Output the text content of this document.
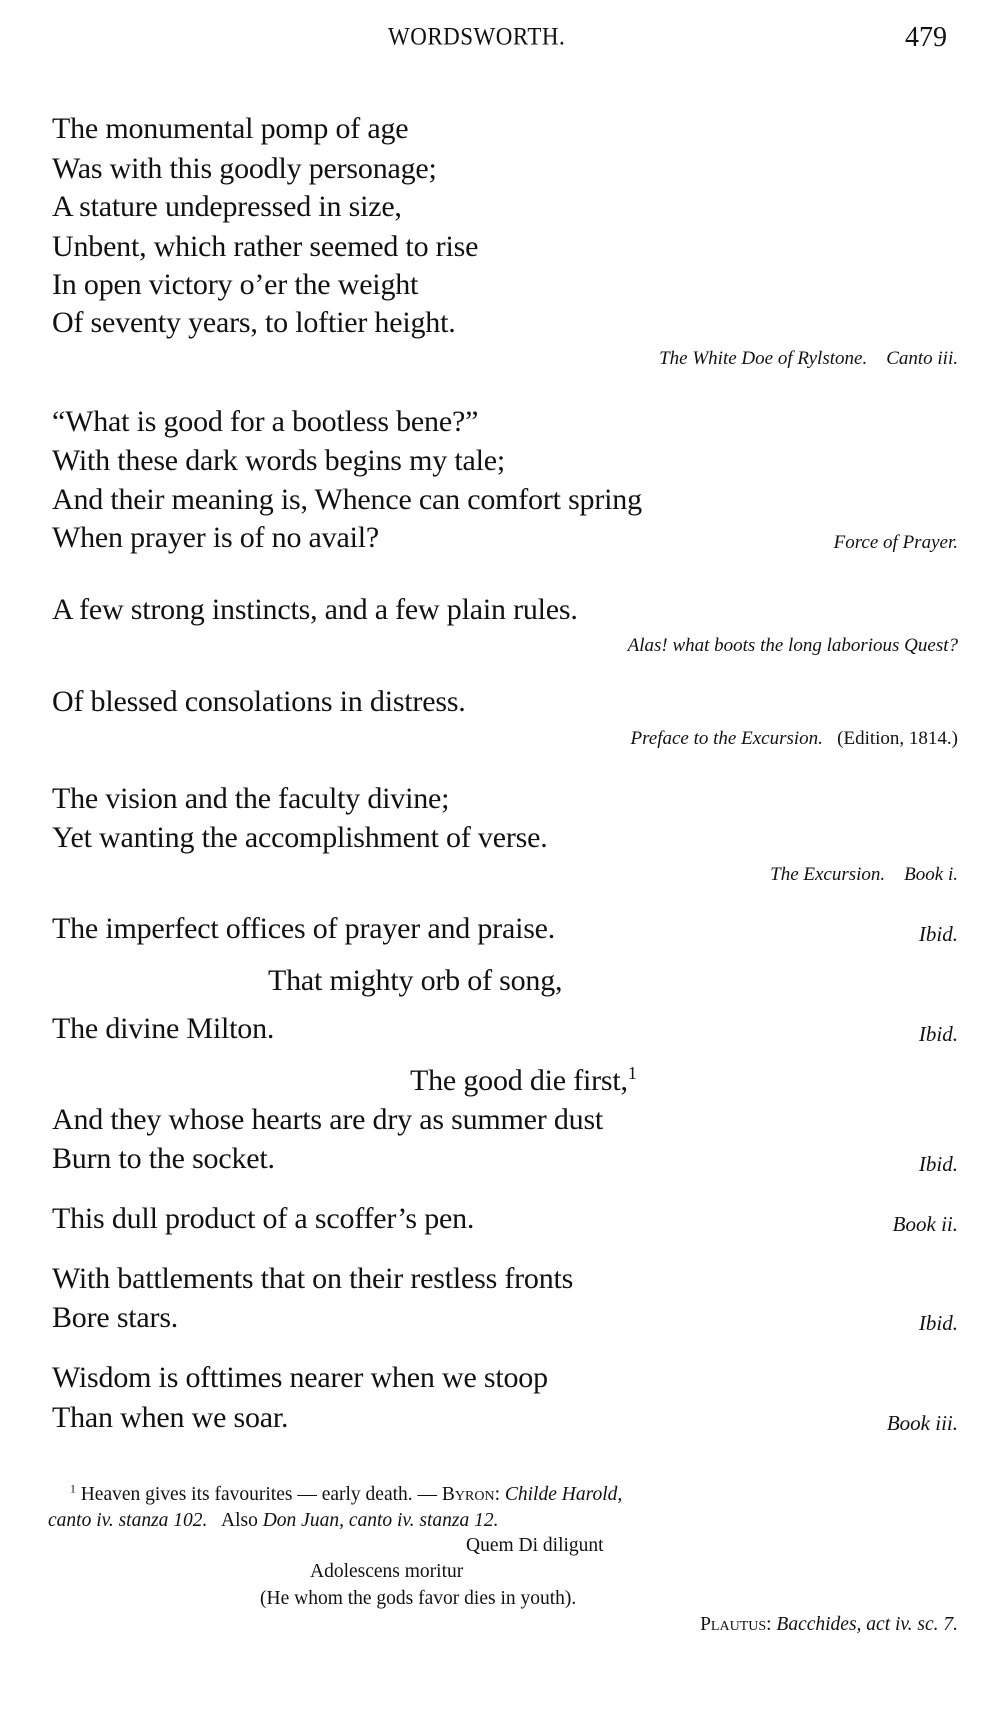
WORDSWORTH.	479
The monumental pomp of age
Was with this goodly personage;
A stature undepressed in size,
Unbent, which rather seemed to rise
In open victory o’er the weight
Of seventy years, to loftier height.
The White Doe of Rylstone. Canto iii.
“What is good for a bootless bene?”
With these dark words begins my tale;
And their meaning is, Whence can comfort spring
When prayer is of no avail?	Force of Prayer.
A few strong instincts, and a few plain rules.
Alas! what boots the long laborious Quest?
Of blessed consolations in distress.
Preface to the Excursion. (Edition, 1814.)
The vision and the faculty divine;
Yet wanting the accomplishment of verse.
The Excursion. Book i.
The imperfect offices of prayer and praise.	Ibid.
That mighty orb of song,
The divine Milton.	Ibid.
The good die first,$^1$
And they whose hearts are dry as summer dust
Burn to the socket.	Ibid.
This dull product of a scoffer’s pen.	Book ii.
With battlements that on their restless fronts
Bore stars.	Ibid.
Wisdom is ofttimes nearer when we stoop
Than when we soar.	Book iii.
$^1$ Heaven gives its favourites — early death. — Byron: Childe Harold,
canto iv. stanza 102. Also Don Juan, canto iv. stanza 12.
Quem Di diligunt
Adolescens moritur
(He whom the gods favor dies in youth).
Plautus: Bacchides, act iv. sc. 7.
